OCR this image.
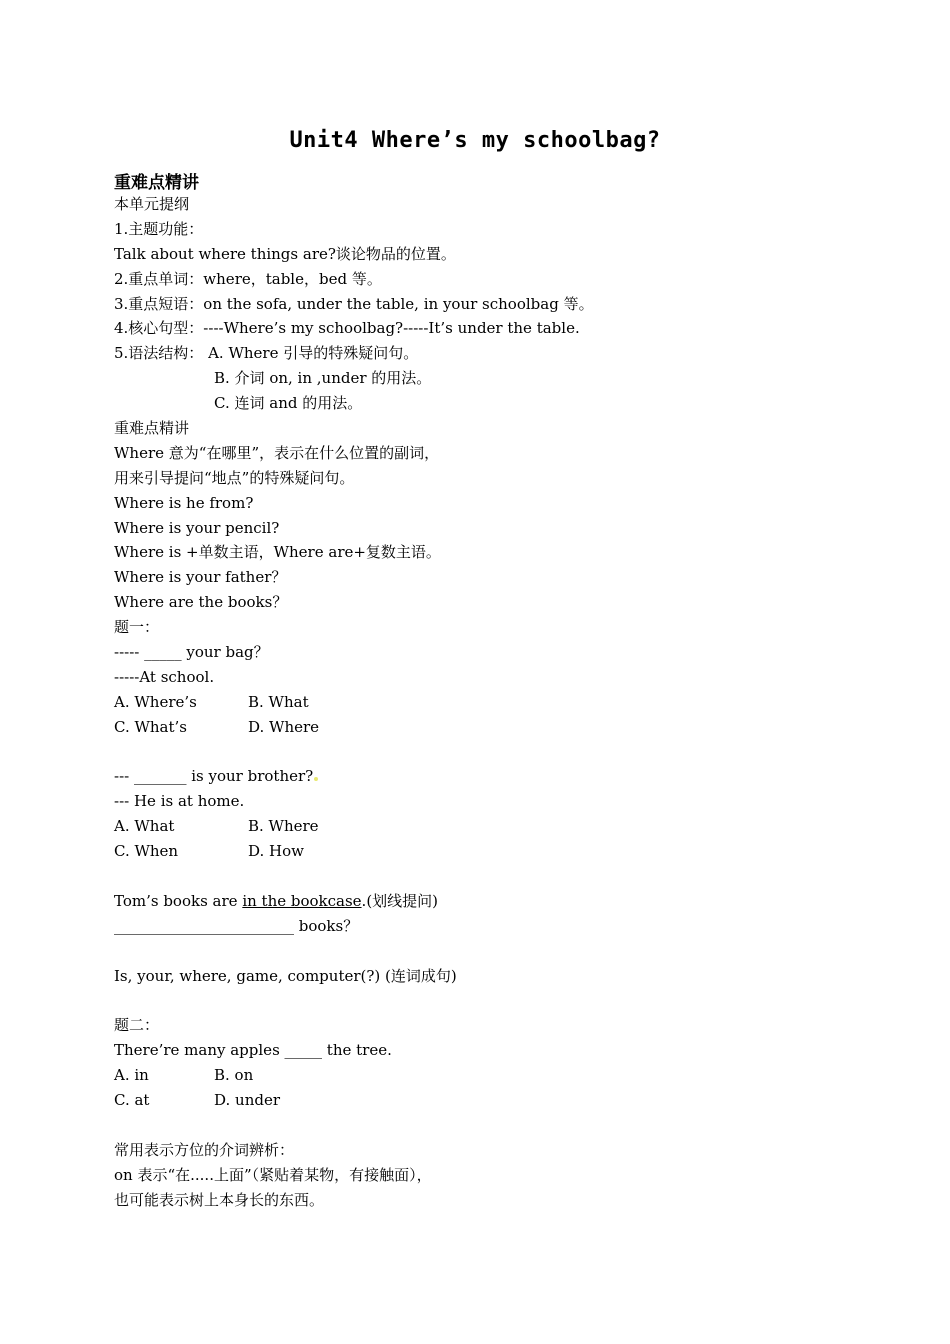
Unit4 Where’s my schoolbag?
重难点精讲
本单元提纲
1.主题功能：
Talk about where things are?谈论物品的位置。
2.重点单词：where，table，bed 等。
3.重点短语：on the sofa, under the table, in your schoolbag 等。
4.核心句型：----Where’s my schoolbag?-----It’s under the table.
5.语法结构： A. Where 引导的特殊疑问句。
B. 介词 on, in ,under 的用法。
C. 连词 and 的用法。
重难点精讲
Where 意为“在哪里”，表示在什么位置的副词，
用来引导提问“地点”的特殊疑问句。
Where is he from?
Where is your pencil?
Where is +单数主语，Where are+复数主语。
Where is your father？
Where are the books？
题一：
----- _____ your bag？
-----At school.
A. Where’s	B. What
C. What’s	D. Where
--- _______ is your brother?
--- He is at home.
A. What	B. Where
C. When	D. How
Tom’s books are in the bookcase.(划线提问)
________________________ books？
Is, your, where, game, computer(?) (连词成句)
题二：
There’re many apples _____ the tree.
A. in	B. on
C. at	D. under
常用表示方位的介词辨析：
on 表示“在.....上面”（紧贴着某物，有接触面），
也可能表示树上本身长的东西。
